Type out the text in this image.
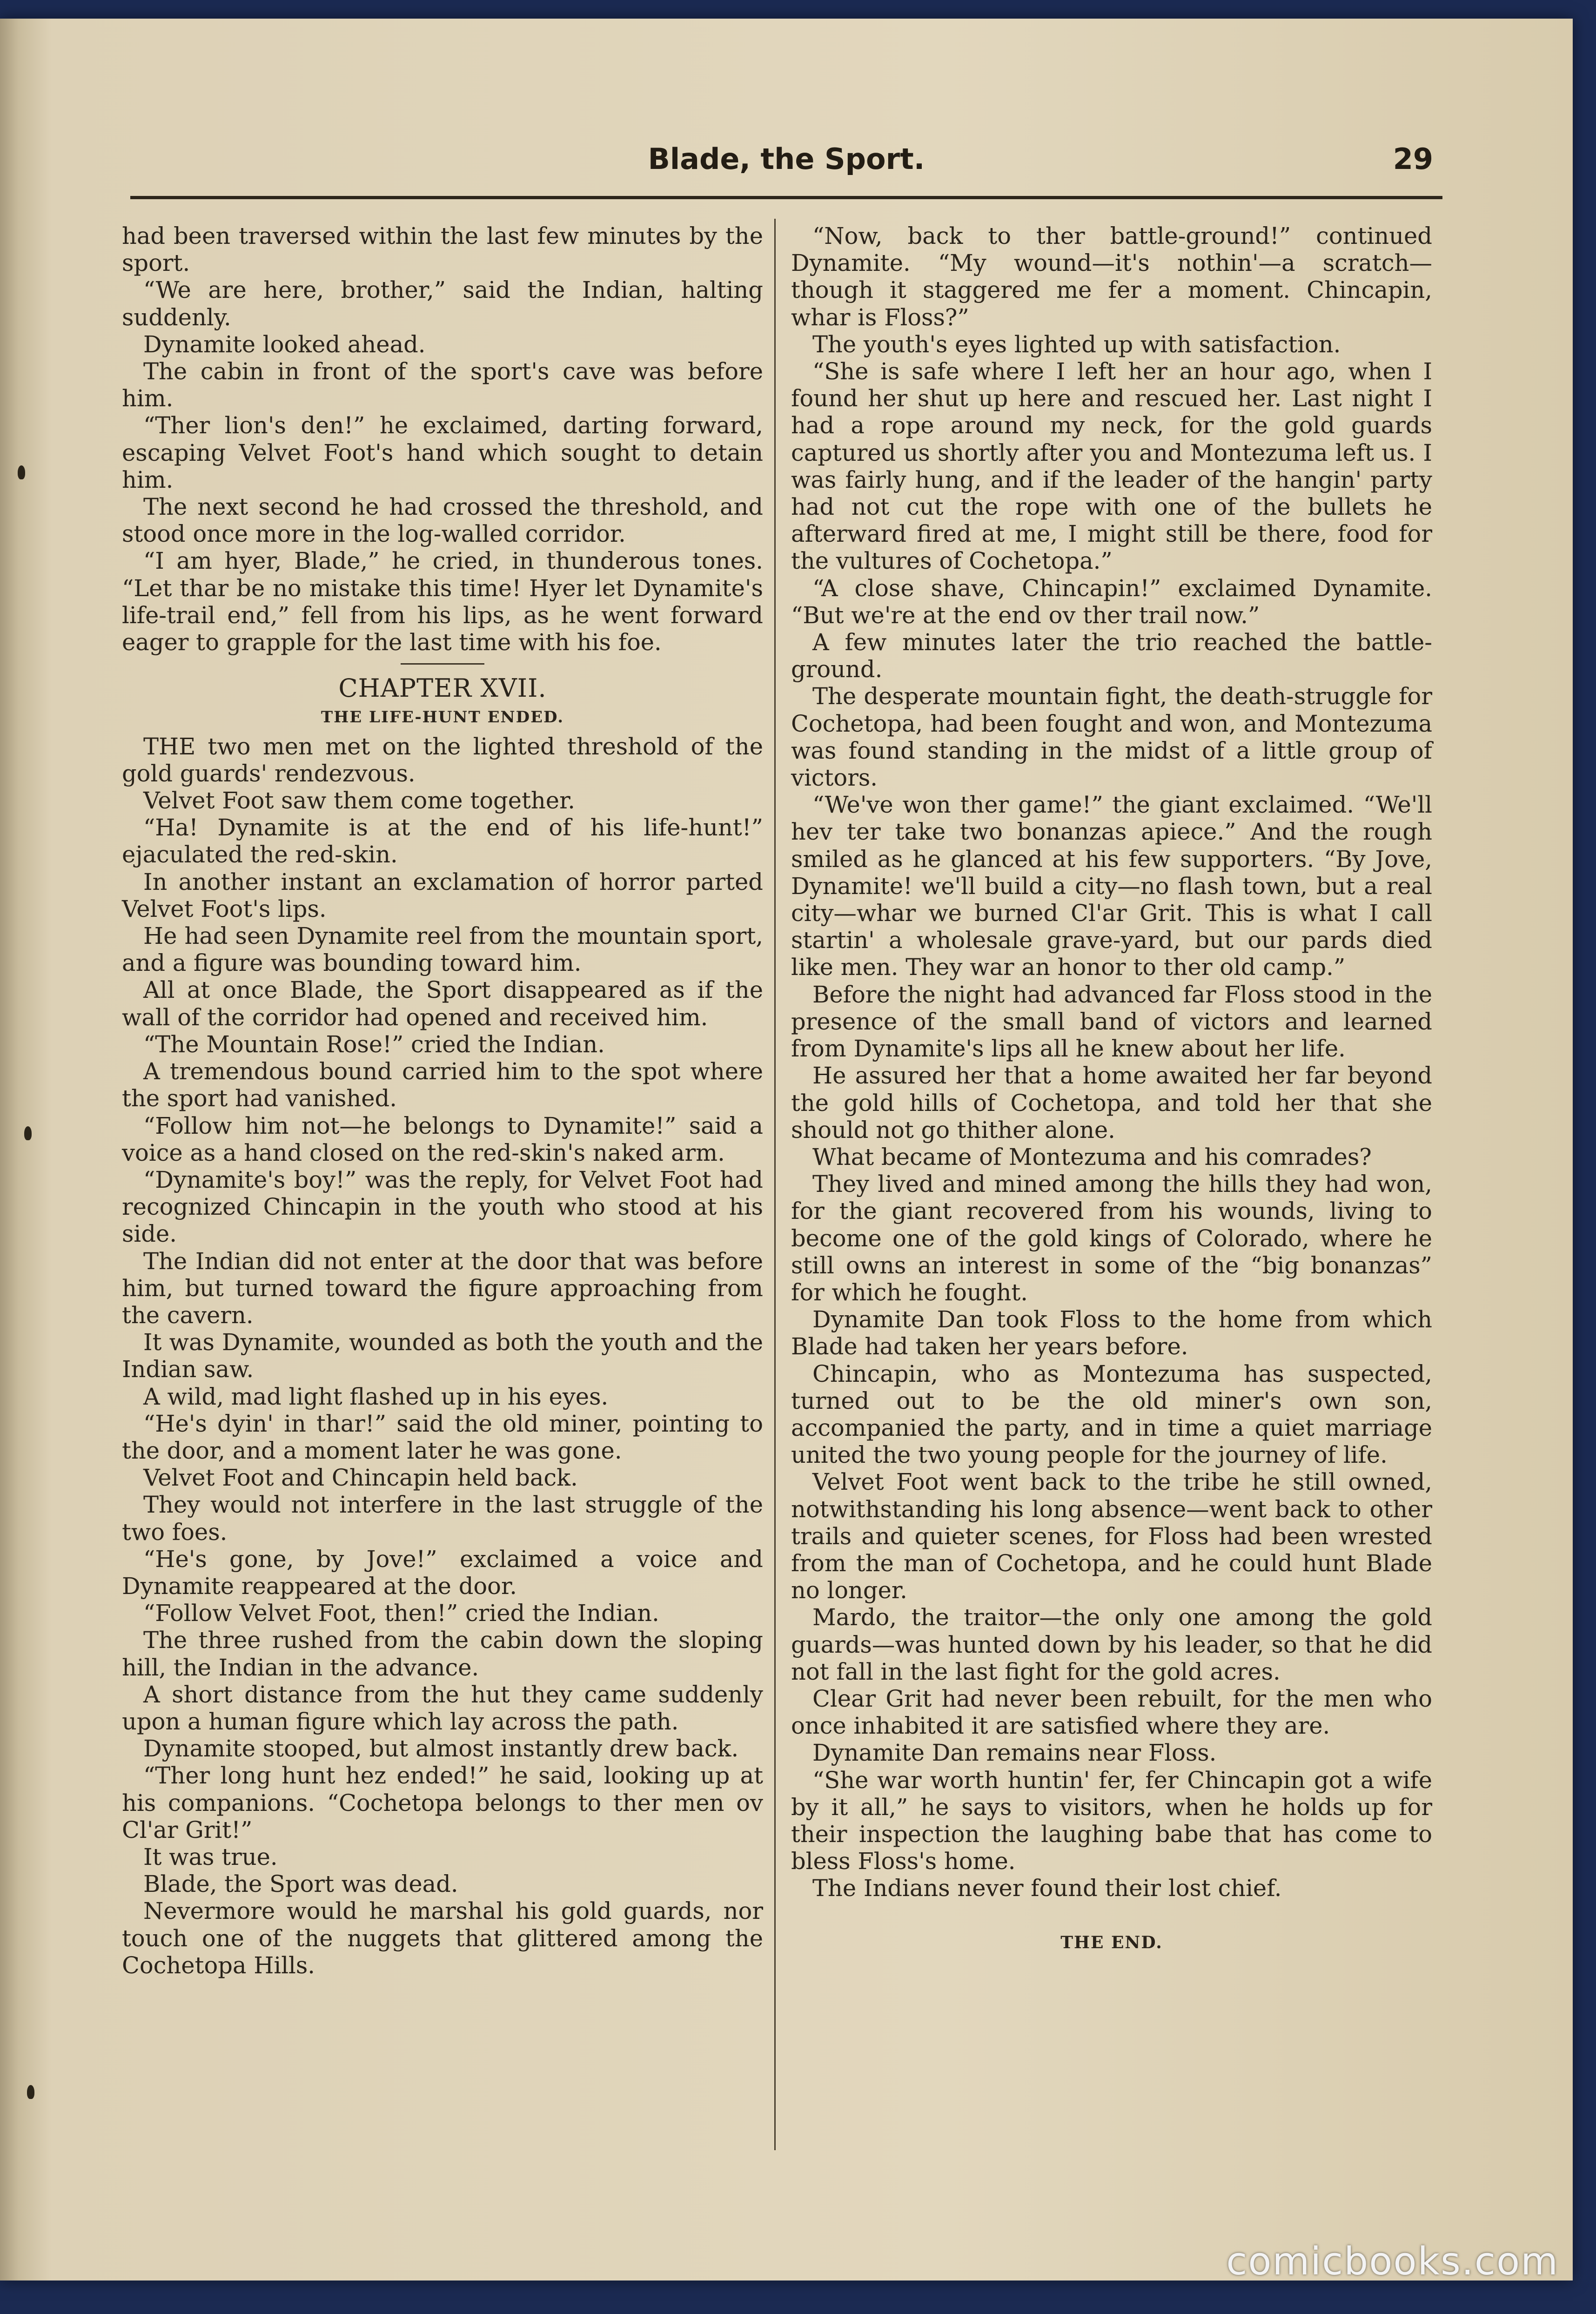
Blade, the Sport.	29

had been traversed within the last few minutes by the sport.

“We are here, brother,” said the Indian, halting suddenly.

Dynamite looked ahead.

The cabin in front of the sport's cave was before him.

“Ther lion's den!” he exclaimed, darting forward, escaping Velvet Foot's hand which sought to detain him.

The next second he had crossed the threshold, and stood once more in the log-walled corridor.

“I am hyer, Blade,” he cried, in thunderous tones. “Let thar be no mistake this time! Hyer let Dynamite's life-trail end,” fell from his lips, as he went forward eager to grapple for the last time with his foe.

CHAPTER XVII.
THE LIFE-HUNT ENDED.

THE two men met on the lighted threshold of the gold guards' rendezvous.

Velvet Foot saw them come together.

“Ha! Dynamite is at the end of his life-hunt!” ejaculated the red-skin.

In another instant an exclamation of horror parted Velvet Foot's lips.

He had seen Dynamite reel from the mountain sport, and a figure was bounding toward him.

All at once Blade, the Sport disappeared as if the wall of the corridor had opened and received him.

“The Mountain Rose!” cried the Indian.

A tremendous bound carried him to the spot where the sport had vanished.

“Follow him not—he belongs to Dynamite!” said a voice as a hand closed on the red-skin's naked arm.

“Dynamite's boy!” was the reply, for Velvet Foot had recognized Chincapin in the youth who stood at his side.

The Indian did not enter at the door that was before him, but turned toward the figure approaching from the cavern.

It was Dynamite, wounded as both the youth and the Indian saw.

A wild, mad light flashed up in his eyes.

“He's dyin' in thar!” said the old miner, pointing to the door, and a moment later he was gone.

Velvet Foot and Chincapin held back.

They would not interfere in the last struggle of the two foes.

“He's gone, by Jove!” exclaimed a voice and Dynamite reappeared at the door.

“Follow Velvet Foot, then!” cried the Indian.

The three rushed from the cabin down the sloping hill, the Indian in the advance.

A short distance from the hut they came suddenly upon a human figure which lay across the path.

Dynamite stooped, but almost instantly drew back.

“Ther long hunt hez ended!” he said, looking up at his companions. “Cochetopa belongs to ther men ov Cl'ar Grit!”

It was true.

Blade, the Sport was dead.

Nevermore would he marshal his gold guards, nor touch one of the nuggets that glittered among the Cochetopa Hills.

“Now, back to ther battle-ground!” continued Dynamite. “My wound—it's nothin'—a scratch—though it staggered me fer a moment. Chincapin, whar is Floss?”

The youth's eyes lighted up with satisfaction.

“She is safe where I left her an hour ago, when I found her shut up here and rescued her. Last night I had a rope around my neck, for the gold guards captured us shortly after you and Montezuma left us. I was fairly hung, and if the leader of the hangin' party had not cut the rope with one of the bullets he afterward fired at me, I might still be there, food for the vultures of Cochetopa.”

“A close shave, Chincapin!” exclaimed Dynamite. “But we're at the end ov ther trail now.”

A few minutes later the trio reached the battle-ground.

The desperate mountain fight, the death-struggle for Cochetopa, had been fought and won, and Montezuma was found standing in the midst of a little group of victors.

“We've won ther game!” the giant exclaimed. “We'll hev ter take two bonanzas apiece.” And the rough smiled as he glanced at his few supporters. “By Jove, Dynamite! we'll build a city—no flash town, but a real city—whar we burned Cl'ar Grit. This is what I call startin' a wholesale grave-yard, but our pards died like men. They war an honor to ther old camp.”

Before the night had advanced far Floss stood in the presence of the small band of victors and learned from Dynamite's lips all he knew about her life.

He assured her that a home awaited her far beyond the gold hills of Cochetopa, and told her that she should not go thither alone.

What became of Montezuma and his comrades?

They lived and mined among the hills they had won, for the giant recovered from his wounds, living to become one of the gold kings of Colorado, where he still owns an interest in some of the “big bonanzas” for which he fought.

Dynamite Dan took Floss to the home from which Blade had taken her years before.

Chincapin, who as Montezuma has suspected, turned out to be the old miner's own son, accompanied the party, and in time a quiet marriage united the two young people for the journey of life.

Velvet Foot went back to the tribe he still owned, notwithstanding his long absence—went back to other trails and quieter scenes, for Floss had been wrested from the man of Cochetopa, and he could hunt Blade no longer.

Mardo, the traitor—the only one among the gold guards—was hunted down by his leader, so that he did not fall in the last fight for the gold acres.

Clear Grit had never been rebuilt, for the men who once inhabited it are satisfied where they are.

Dynamite Dan remains near Floss.

“She war worth huntin' fer, fer Chincapin got a wife by it all,” he says to visitors, when he holds up for their inspection the laughing babe that has come to bless Floss's home.

The Indians never found their lost chief.

THE END.
comicbooks.com
